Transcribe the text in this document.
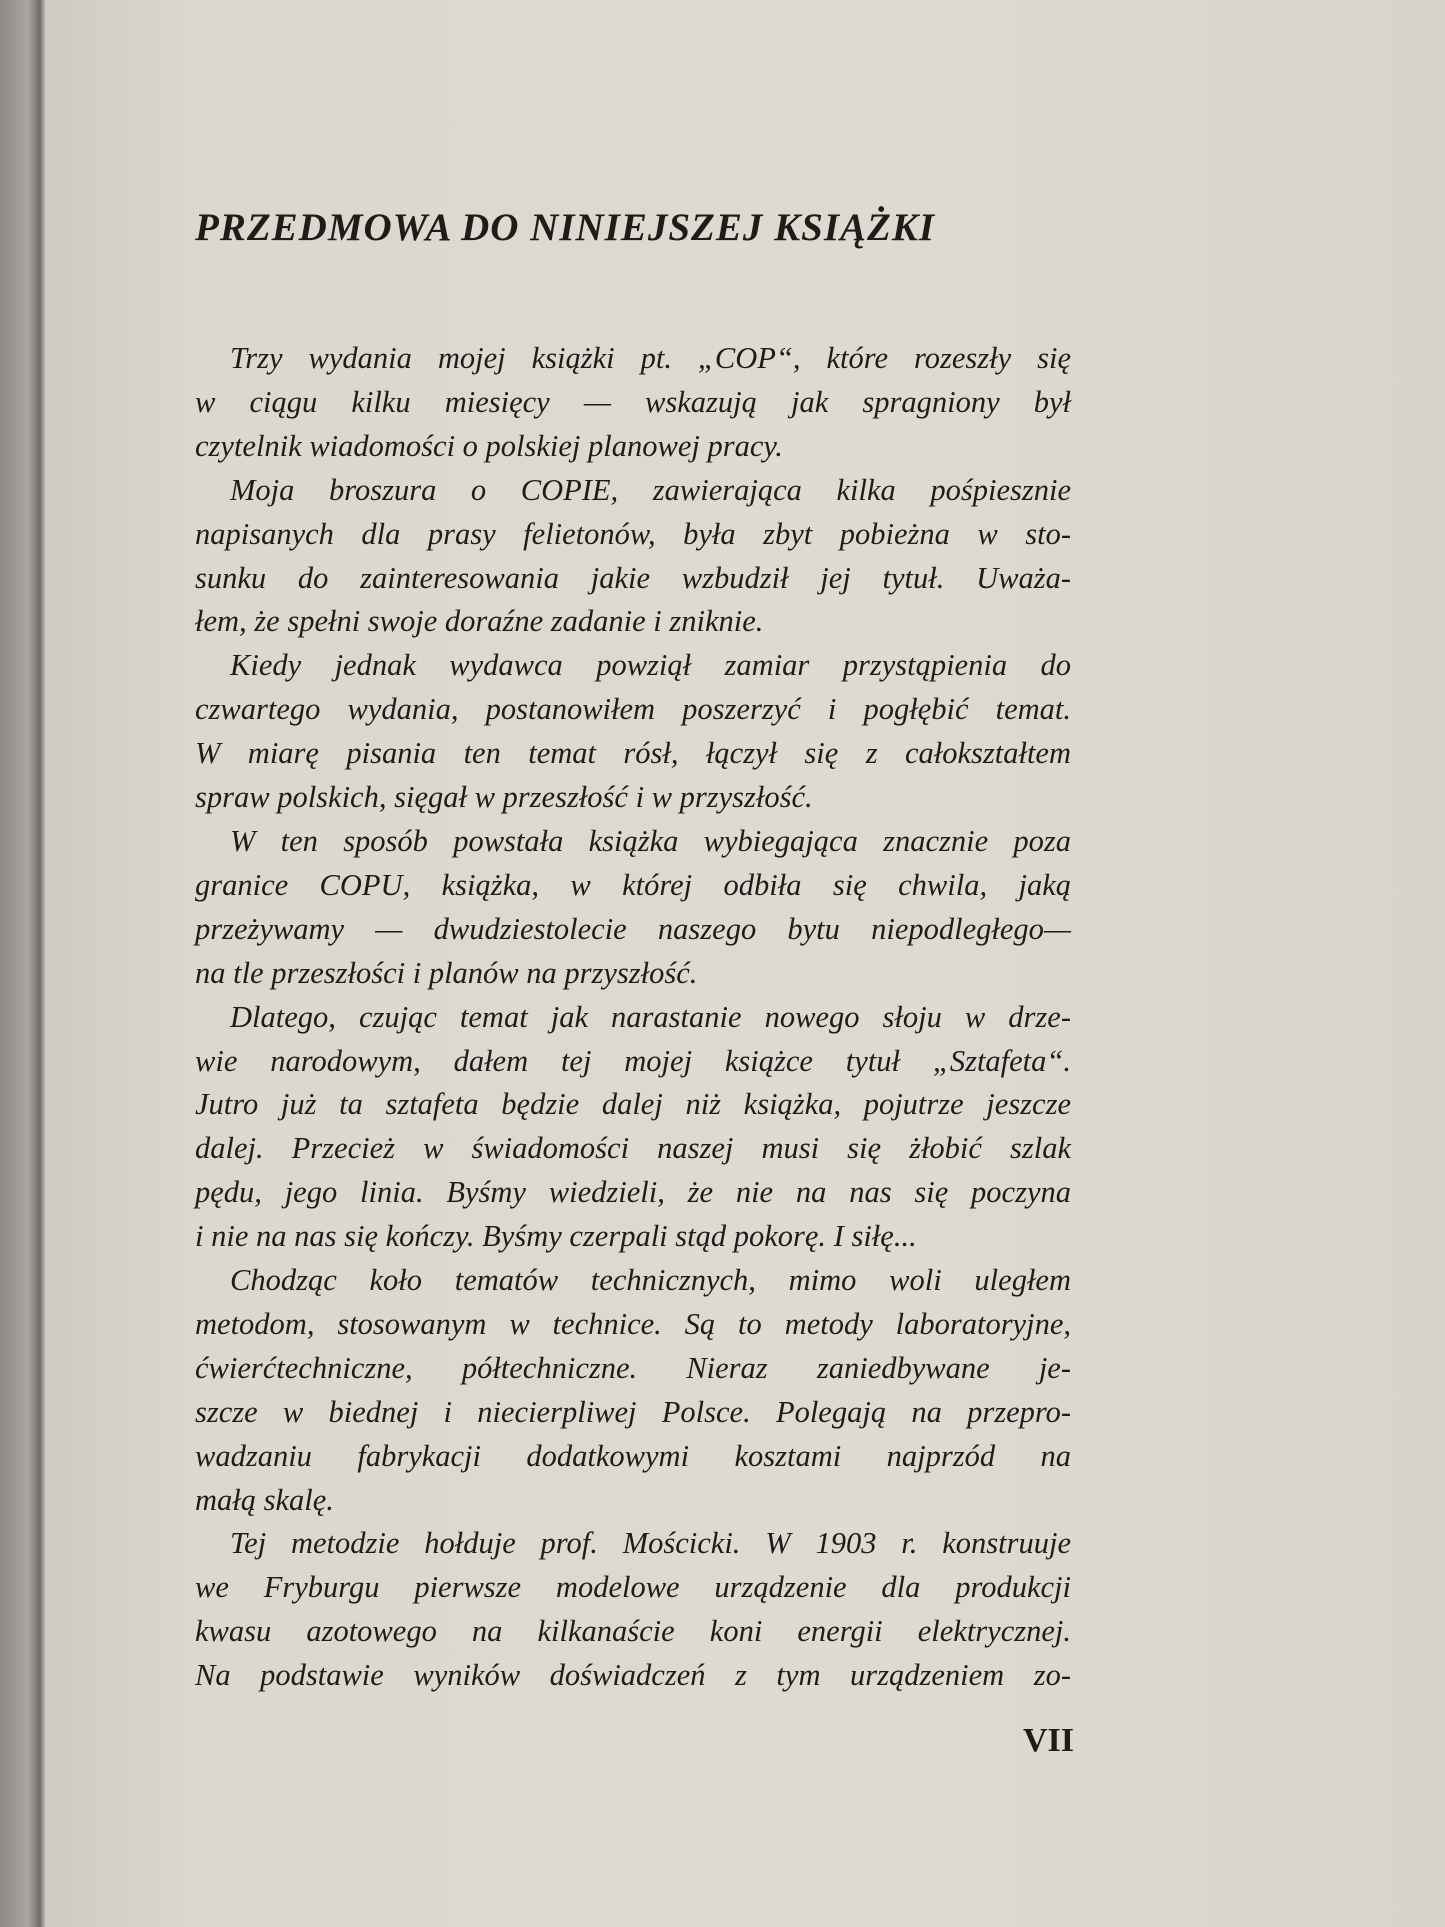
PRZEDMOWA DO NINIEJSZEJ KSIĄŻKI
Trzy wydania mojej książki pt. „COP“, które rozeszły się
w ciągu kilku miesięcy — wskazują jak spragniony był
czytelnik wiadomości o polskiej planowej pracy.
Moja broszura o COPIE, zawierająca kilka pośpiesznie
napisanych dla prasy felietonów, była zbyt pobieżna w sto-
sunku do zainteresowania jakie wzbudził jej tytuł. Uważa-
łem, że spełni swoje doraźne zadanie i zniknie.
Kiedy jednak wydawca powziął zamiar przystąpienia do
czwartego wydania, postanowiłem poszerzyć i pogłębić temat.
W miarę pisania ten temat rósł, łączył się z całokształtem
spraw polskich, sięgał w przeszłość i w przyszłość.
W ten sposób powstała książka wybiegająca znacznie poza
granice COPU, książka, w której odbiła się chwila, jaką
przeżywamy — dwudziestolecie naszego bytu niepodległego—
na tle przeszłości i planów na przyszłość.
Dlatego, czując temat jak narastanie nowego słoju w drze-
wie narodowym, dałem tej mojej książce tytuł „Sztafeta“.
Jutro już ta sztafeta będzie dalej niż książka, pojutrze jeszcze
dalej. Przecież w świadomości naszej musi się żłobić szlak
pędu, jego linia. Byśmy wiedzieli, że nie na nas się poczyna
i nie na nas się kończy. Byśmy czerpali stąd pokorę. I siłę...
Chodząc koło tematów technicznych, mimo woli uległem
metodom, stosowanym w technice. Są to metody laboratoryjne,
ćwierćtechniczne, półtechniczne. Nieraz zaniedbywane je-
szcze w biednej i niecierpliwej Polsce. Polegają na przepro-
wadzaniu fabrykacji dodatkowymi kosztami najprzód na
małą skalę.
Tej metodzie hołduje prof. Mościcki. W 1903 r. konstruuje
we Fryburgu pierwsze modelowe urządzenie dla produkcji
kwasu azotowego na kilkanaście koni energii elektrycznej.
Na podstawie wyników doświadczeń z tym urządzeniem zo-
VII
